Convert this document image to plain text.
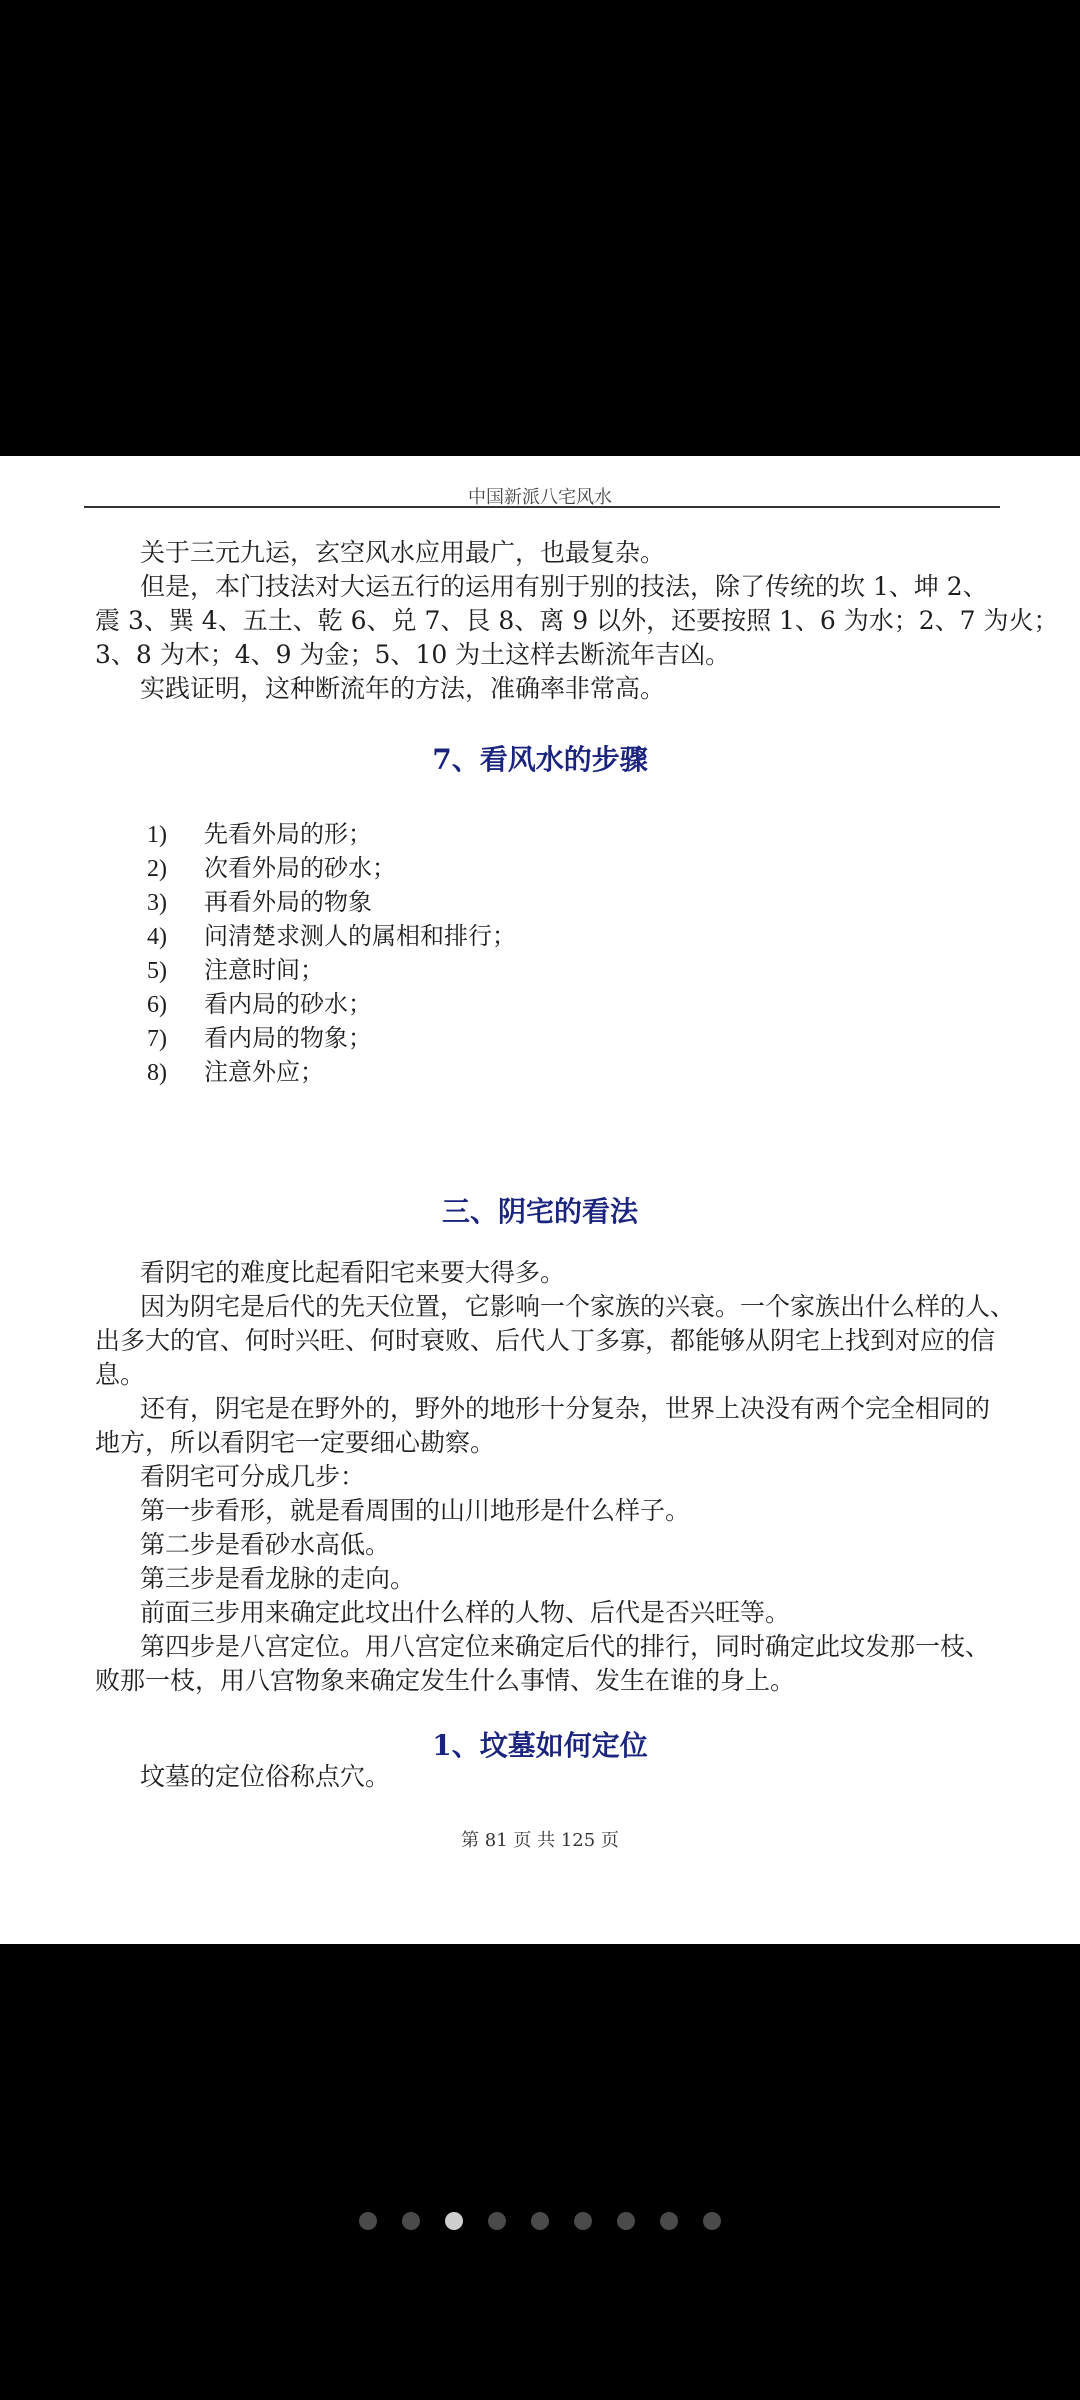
中国新派八宅风水
关于三元九运，玄空风水应用最广，也最复杂。
但是，本门技法对大运五行的运用有别于别的技法，除了传统的坎 1、坤 2、
震 3、巽 4、五土、乾 6、兑 7、艮 8、离 9 以外，还要按照 1、6 为水；2、7 为火；
3、8 为木；4、9 为金；5、10 为土这样去断流年吉凶。
实践证明，这种断流年的方法，准确率非常高。
7、看风水的步骤
1) 先看外局的形；
2) 次看外局的砂水；
3) 再看外局的物象
4) 问清楚求测人的属相和排行；
5) 注意时间；
6) 看内局的砂水；
7) 看内局的物象；
8) 注意外应；
三、阴宅的看法
看阴宅的难度比起看阳宅来要大得多。
因为阴宅是后代的先天位置，它影响一个家族的兴衰。一个家族出什么样的人、
出多大的官、何时兴旺、何时衰败、后代人丁多寡，都能够从阴宅上找到对应的信
息。
还有，阴宅是在野外的，野外的地形十分复杂，世界上决没有两个完全相同的
地方，所以看阴宅一定要细心勘察。
看阴宅可分成几步：
第一步看形，就是看周围的山川地形是什么样子。
第二步是看砂水高低。
第三步是看龙脉的走向。
前面三步用来确定此坟出什么样的人物、后代是否兴旺等。
第四步是八宫定位。用八宫定位来确定后代的排行，同时确定此坟发那一枝、
败那一枝，用八宫物象来确定发生什么事情、发生在谁的身上。
1、坟墓如何定位
坟墓的定位俗称点穴。
第 81 页 共 125 页
